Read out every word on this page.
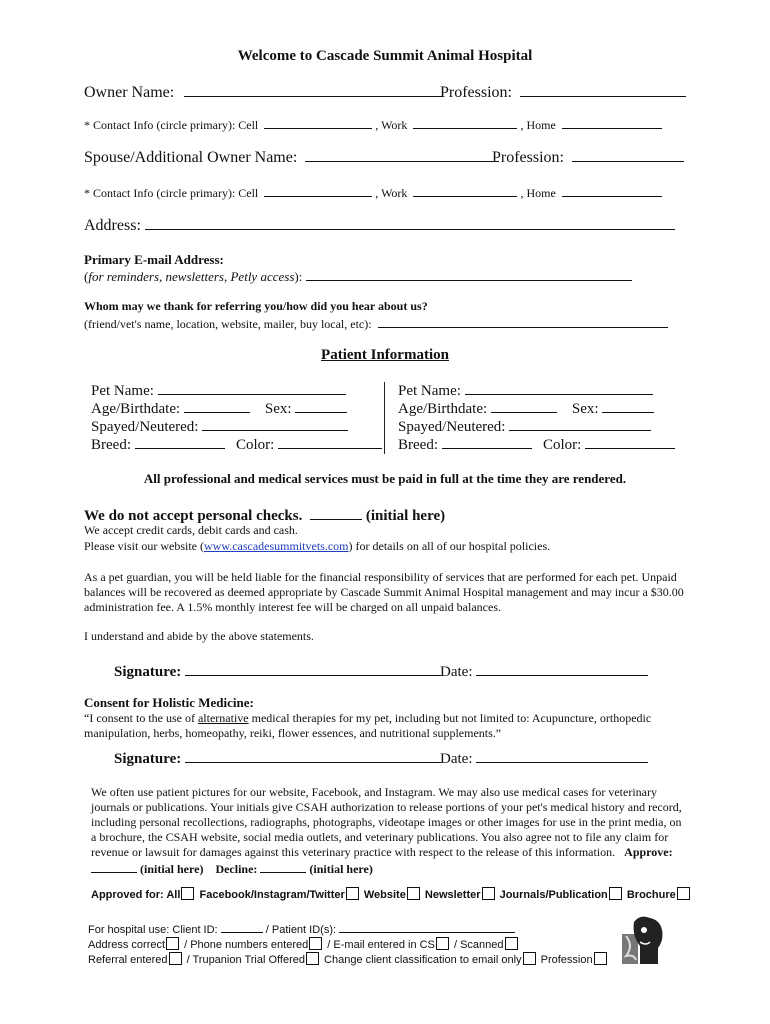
Welcome to Cascade Summit Animal Hospital
Owner Name:	Profession:
* Contact Info (circle primary): Cell	, Work	, Home
Spouse/Additional Owner Name:	Profession:
* Contact Info (circle primary): Cell	, Work	, Home
Address:
Primary E-mail Address:
(for reminders, newsletters, Petly access):
Whom may we thank for referring you/how did you hear about us?
(friend/vet's name, location, website, mailer, buy local, etc):
Patient Information
Pet Name:
Age/Birthdate:	Sex:
Spayed/Neutered:
Breed:	Color:
Pet Name:
Age/Birthdate:	Sex:
Spayed/Neutered:
Breed:	Color:
All professional and medical services must be paid in full at the time they are rendered.
We do not accept personal checks.	(initial here)
We accept credit cards, debit cards and cash.
Please visit our website (www.cascadesummitvets.com) for details on all of our hospital policies.
As a pet guardian, you will be held liable for the financial responsibility of services that are performed for each pet. Unpaid balances will be recovered as deemed appropriate by Cascade Summit Animal Hospital management and may incur a $30.00 administration fee. A 1.5% monthly interest fee will be charged on all unpaid balances.
I understand and abide by the above statements.
Signature:	Date:
Consent for Holistic Medicine:
“I consent to the use of alternative medical therapies for my pet, including but not limited to: Acupuncture, orthopedic manipulation, herbs, homeopathy, reiki, flower essences, and nutritional supplements.”
Signature:	Date:
We often use patient pictures for our website, Facebook, and Instagram. We may also use medical cases for veterinary journals or publications. Your initials give CSAH authorization to release portions of your pet's medical history and record, including personal recollections, radiographs, photographs, videotape images or other images for use in the print media, on a brochure, the CSAH website, social media outlets, and veterinary publications. You also agree not to file any claim for revenue or lawsuit for damages against this veterinary practice with respect to the release of this information. Approve:  (initial here) Decline:	(initial here)
Approved for: All Facebook/Instagram/Twitter Website Newsletter Journals/Publication Brochure
For hospital use: Client ID:	/ Patient ID(s):
Address correct / Phone numbers entered / E-mail entered in CS / Scanned
Referral entered / Trupanion Trial Offered Change client classification to email only Profession
